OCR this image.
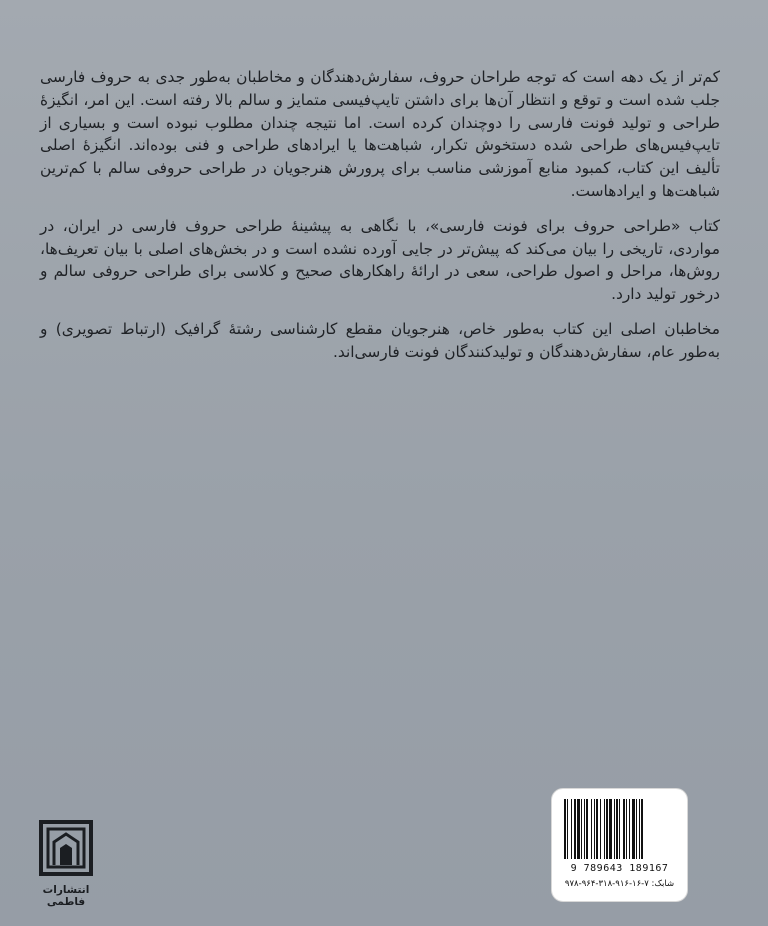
کم‌تر از یک دهه است که توجه طراحان حروف، سفارش‌دهندگان و مخاطبان به‌طور جدی به حروف فارسی جلب شده است و توقع و انتظار آن‌ها برای داشتن تایپ‌فیسی متمایز و سالم بالا رفته است. این امر، انگیزهٔ طراحی و تولید فونت فارسی را دوچندان کرده است. اما نتیجه چندان مطلوب نبوده است و بسیاری از تایپ‌فیس‌های طراحی شده دستخوش تکرار، شباهت‌ها یا ایرادهای طراحی و فنی بوده‌اند. انگیزهٔ اصلی تألیف این کتاب، کمبود منابع آموزشی مناسب برای پرورش هنرجویان در طراحی حروفی سالم با کم‌ترین شباهت‌ها و ایرادهاست.

کتاب «طراحی حروف برای فونت فارسی»، با نگاهی به پیشینهٔ طراحی حروف فارسی در ایران، در مواردی، تاریخی را بیان می‌کند که پیش‌تر در جایی آورده نشده است و در بخش‌های اصلی با بیان تعریف‌ها، روش‌ها، مراحل و اصول طراحی، سعی در ارائهٔ راهکارهای صحیح و کلاسی برای طراحی حروفی سالم و درخور تولید دارد.

مخاطبان اصلی این کتاب به‌طور خاص، هنرجویان مقطع کارشناسی رشتهٔ گرافیک (ارتباط تصویری) و به‌طور عام، سفارش‌دهندگان و تولیدکنندگان فونت فارسی‌اند.

9 789643 189167
شابک: ۷-۱۶-۹۱۶-۳۱۸-۹۶۴-۹۷۸
انتشارات فاطمی
